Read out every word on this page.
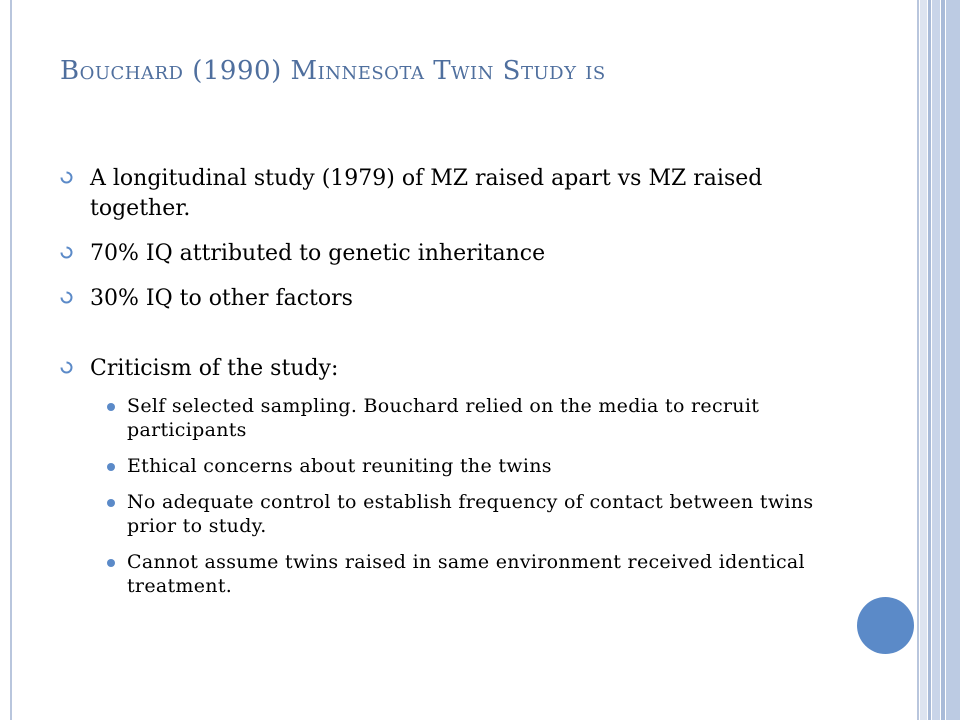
Bouchard (1990) Minnesota Twin Study is
A longitudinal study (1979) of MZ raised apart vs MZ raised together.
70% IQ attributed to genetic inheritance
30% IQ to other factors
Criticism of the study:
Self selected sampling. Bouchard relied on the media to recruit participants
Ethical concerns about reuniting the twins
No adequate control to establish frequency of contact between twins prior to study.
Cannot assume twins raised in same environment received identical treatment.
